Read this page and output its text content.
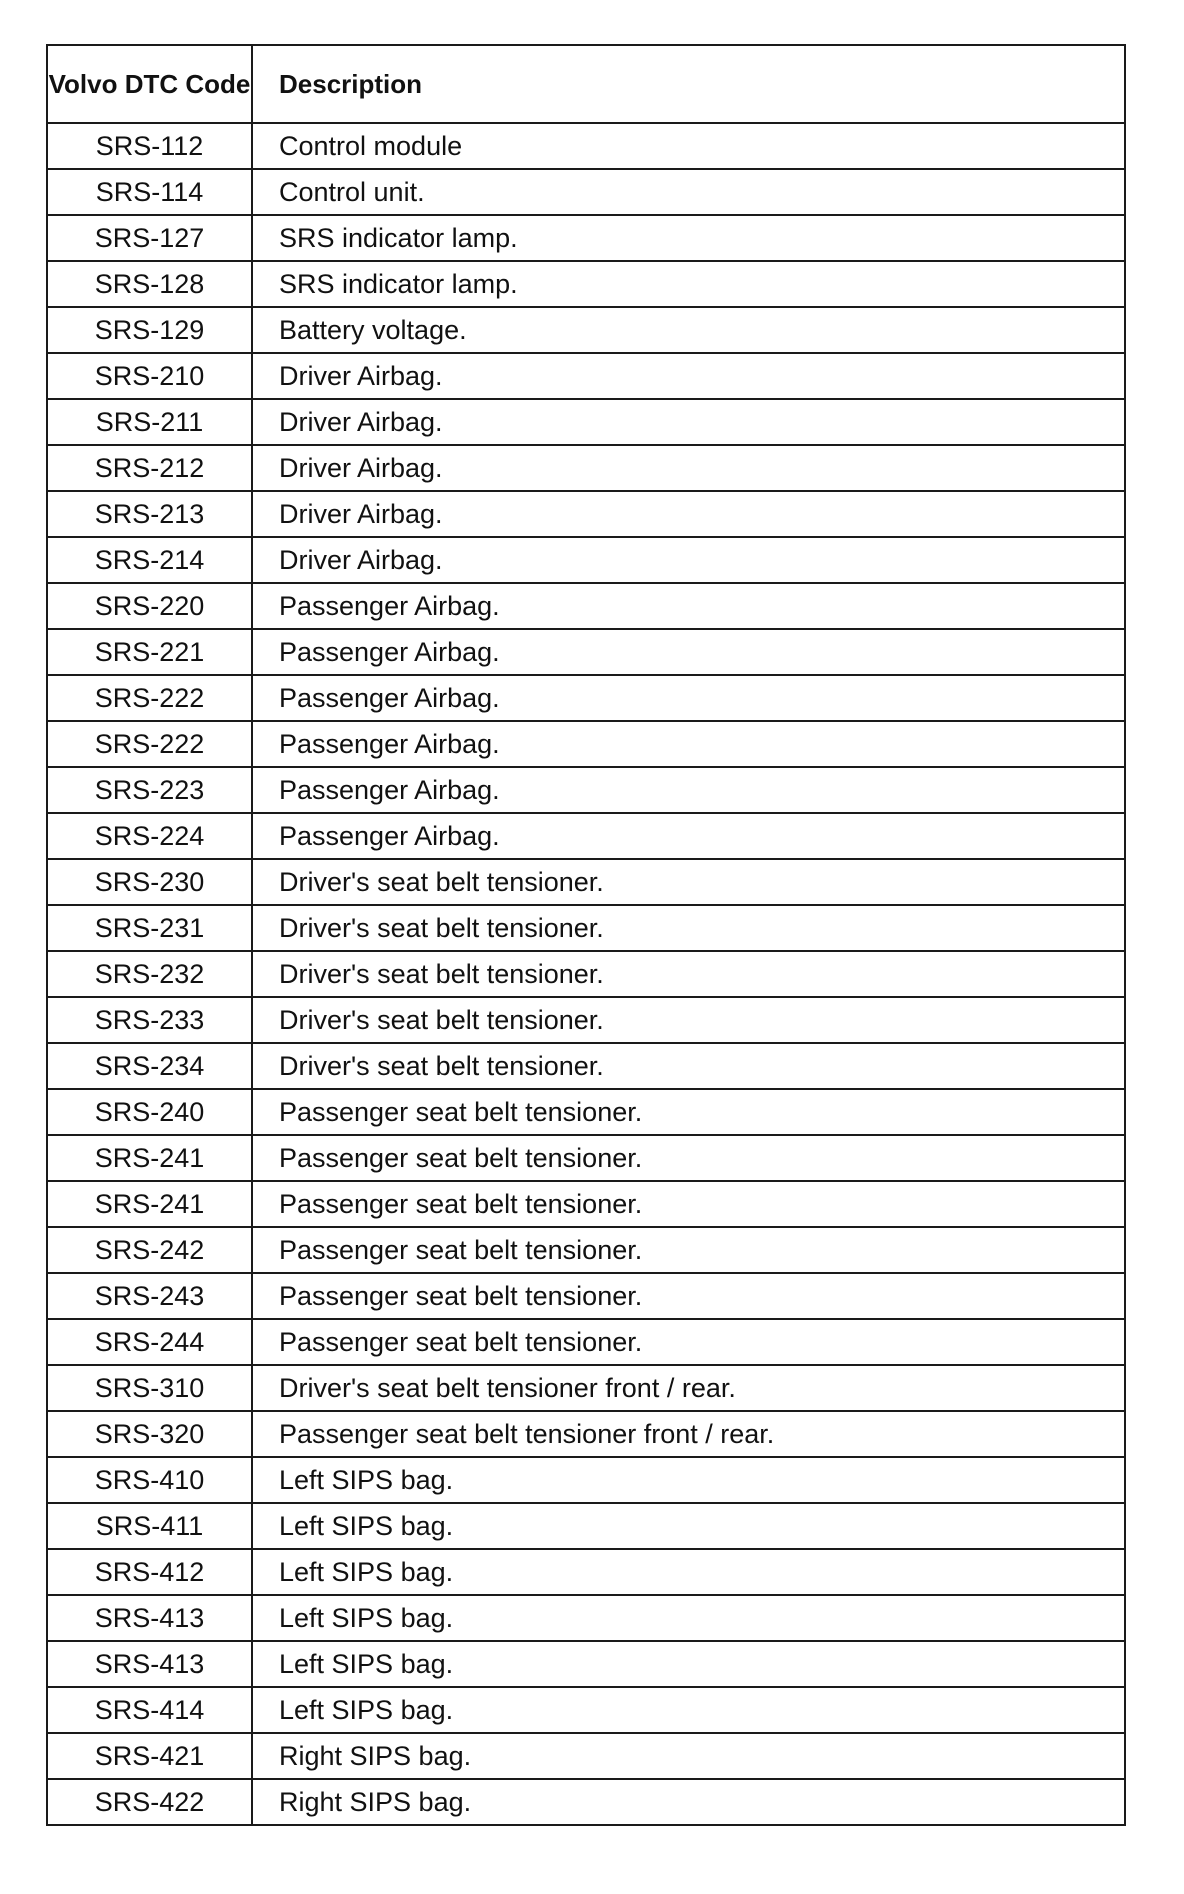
Volvo DTC Code	Description
SRS-112	Control module
SRS-114	Control unit.
SRS-127	SRS indicator lamp.
SRS-128	SRS indicator lamp.
SRS-129	Battery voltage.
SRS-210	Driver Airbag.
SRS-211	Driver Airbag.
SRS-212	Driver Airbag.
SRS-213	Driver Airbag.
SRS-214	Driver Airbag.
SRS-220	Passenger Airbag.
SRS-221	Passenger Airbag.
SRS-222	Passenger Airbag.
SRS-222	Passenger Airbag.
SRS-223	Passenger Airbag.
SRS-224	Passenger Airbag.
SRS-230	Driver's seat belt tensioner.
SRS-231	Driver's seat belt tensioner.
SRS-232	Driver's seat belt tensioner.
SRS-233	Driver's seat belt tensioner.
SRS-234	Driver's seat belt tensioner.
SRS-240	Passenger seat belt tensioner.
SRS-241	Passenger seat belt tensioner.
SRS-241	Passenger seat belt tensioner.
SRS-242	Passenger seat belt tensioner.
SRS-243	Passenger seat belt tensioner.
SRS-244	Passenger seat belt tensioner.
SRS-310	Driver's seat belt tensioner front / rear.
SRS-320	Passenger seat belt tensioner front / rear.
SRS-410	Left SIPS bag.
SRS-411	Left SIPS bag.
SRS-412	Left SIPS bag.
SRS-413	Left SIPS bag.
SRS-413	Left SIPS bag.
SRS-414	Left SIPS bag.
SRS-421	Right SIPS bag.
SRS-422	Right SIPS bag.
